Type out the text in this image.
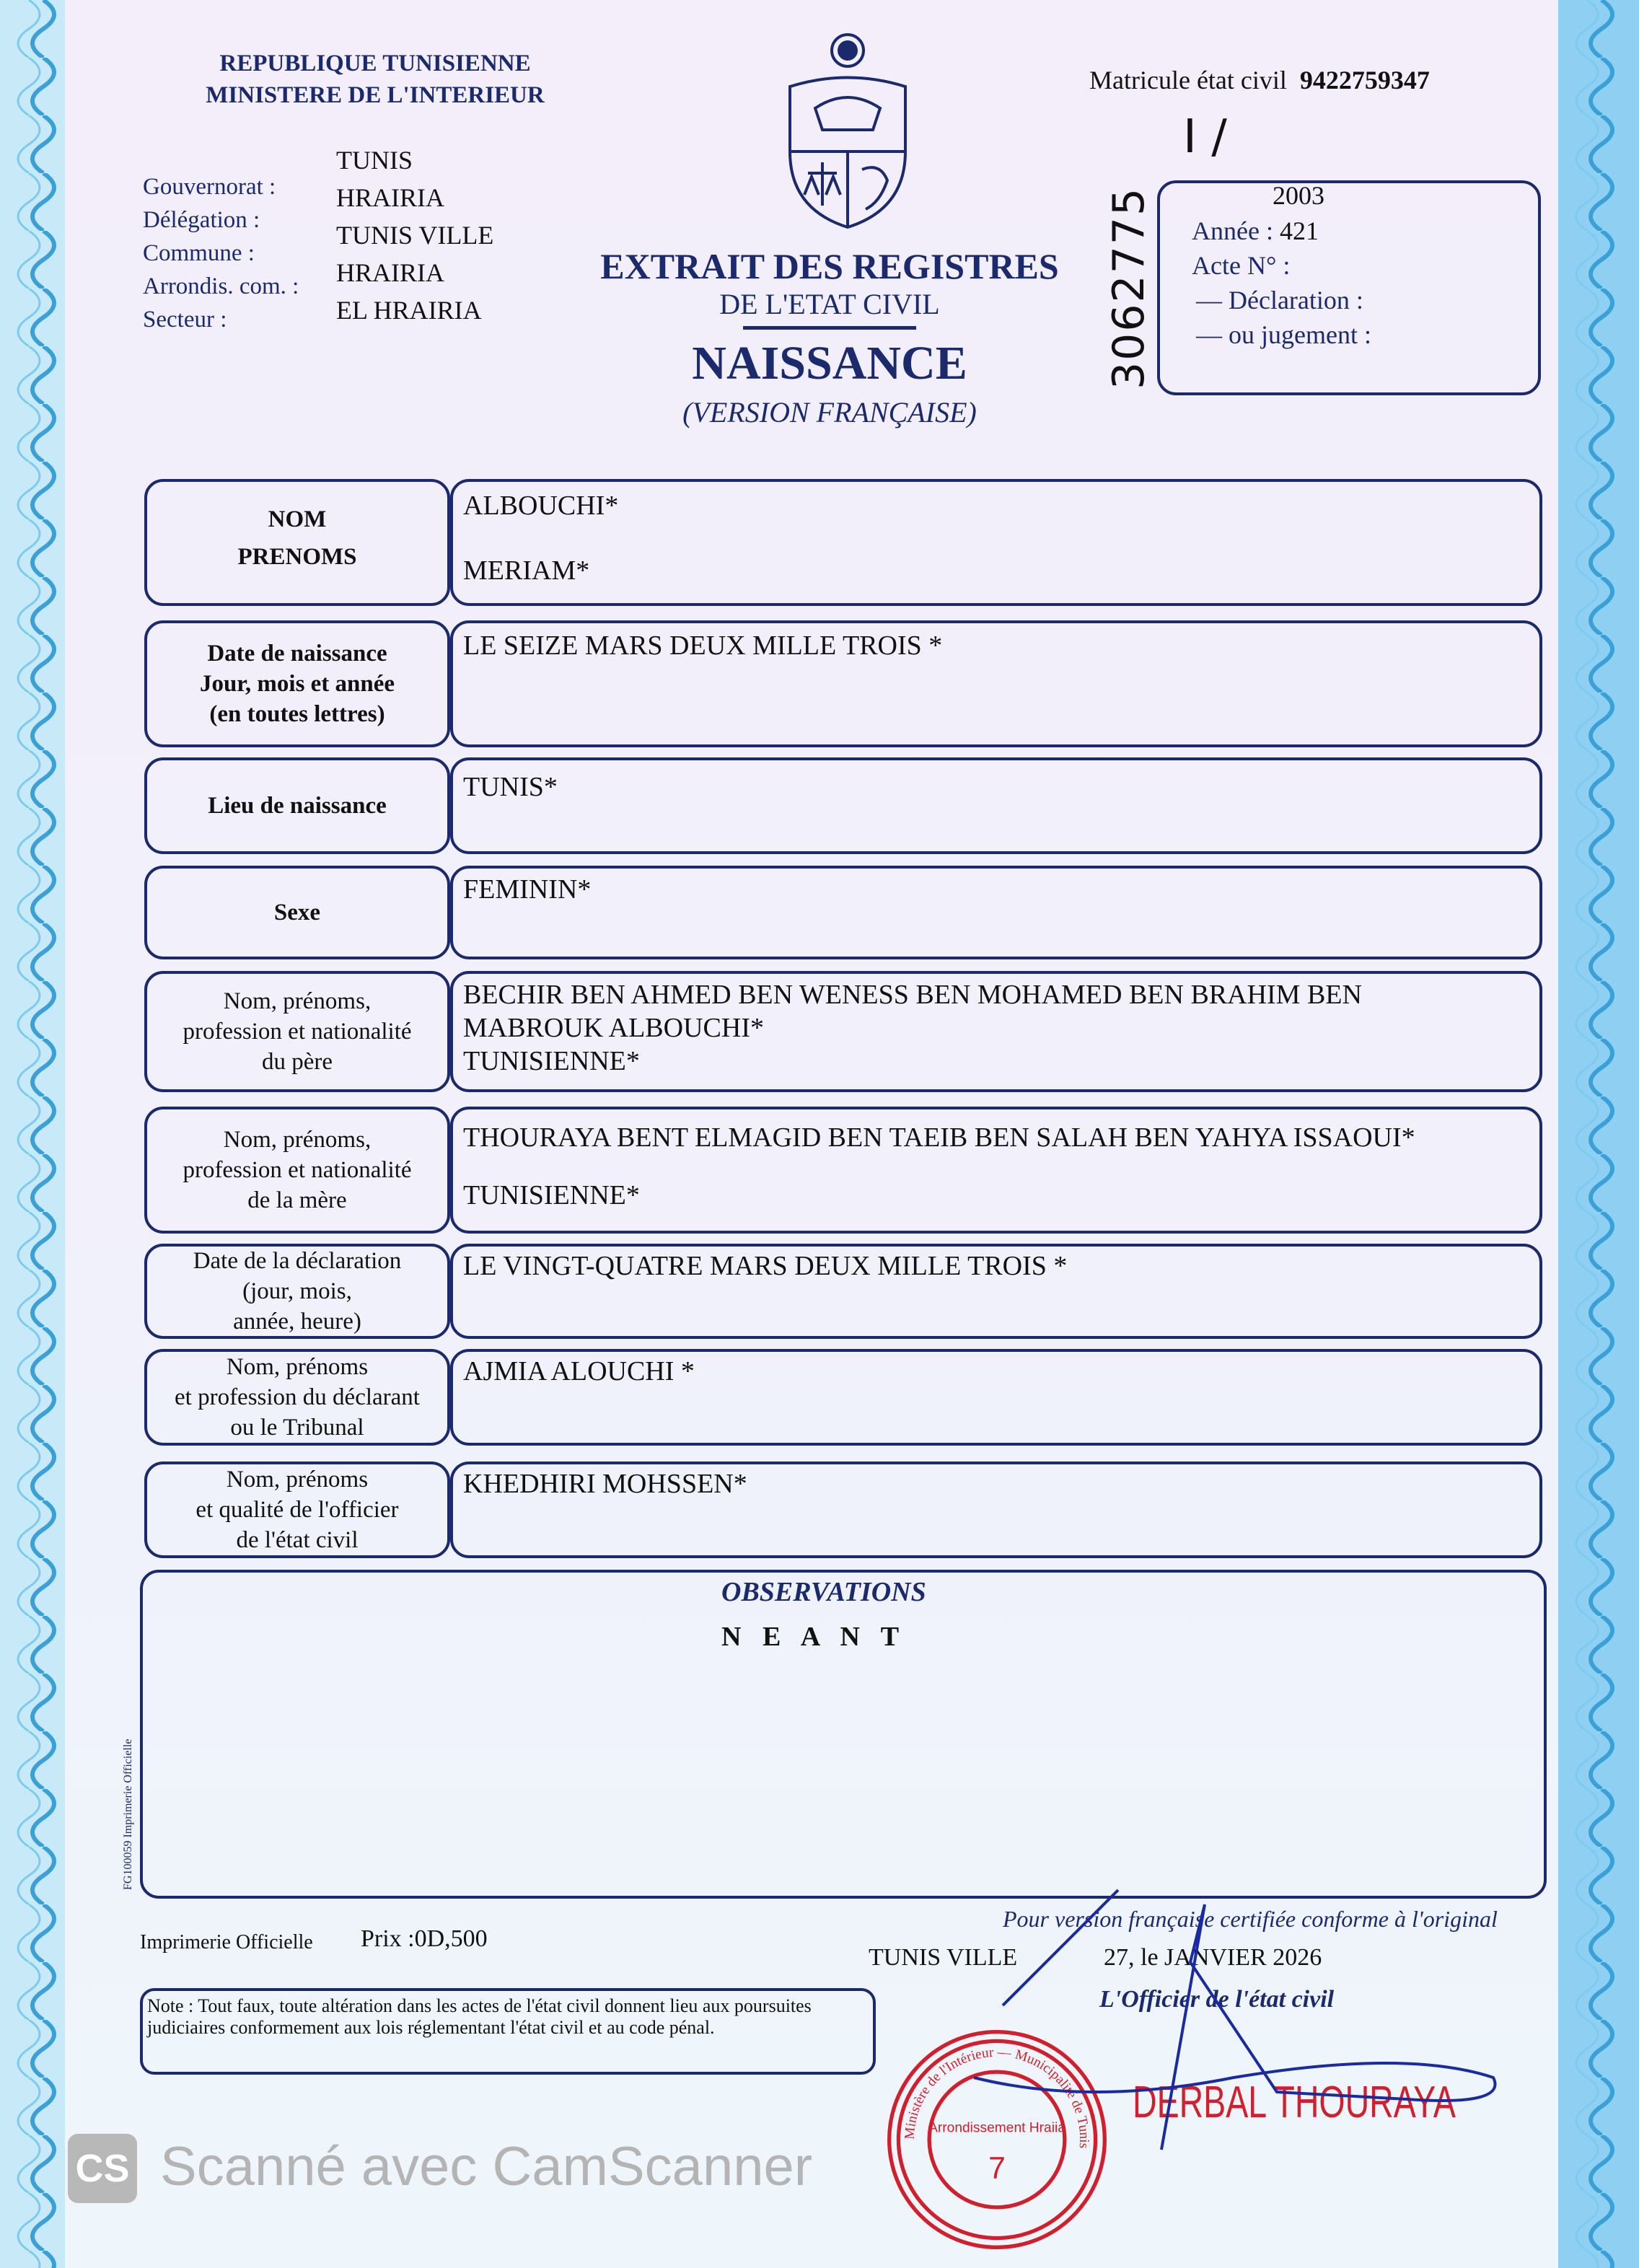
REPUBLIQUE TUNISIENNE
MINISTERE DE L'INTERIEUR
Matricule état civil 9422759347
Gouvernorat :
Délégation :
Commune :
Arrondis. com. :
Secteur :
TUNIS
HRAIRIA
TUNIS VILLE
HRAIRIA
EL HRAIRIA
EXTRAIT DES REGISTRES
DE L'ETAT CIVIL
NAISSANCE
(VERSION FRANÇAISE)
3062775
I /
2003
Année : 421
Acte N° :
— Déclaration :
— ou jugement :
NOM
PRENOMS
ALBOUCHI*
MERIAM*
Date de naissance
Jour, mois et année
(en toutes lettres)
LE SEIZE MARS DEUX MILLE TROIS *
Lieu de naissance
TUNIS*
Sexe
FEMININ*
Nom, prénoms,
profession et nationalité
du père
BECHIR BEN AHMED BEN WENESS BEN MOHAMED BEN BRAHIM BEN
MABROUK ALBOUCHI*
TUNISIENNE*
Nom, prénoms,
profession et nationalité
de la mère
THOURAYA BENT ELMAGID BEN TAEIB BEN SALAH BEN YAHYA ISSAOUI*
TUNISIENNE*
Date de la déclaration
(jour, mois,
année, heure)
LE VINGT-QUATRE MARS DEUX MILLE TROIS *
Nom, prénoms
et profession du déclarant
ou le Tribunal
AJMIA ALOUCHI *
Nom, prénoms
et qualité de l'officier
de l'état civil
KHEDHIRI MOHSSEN*
OBSERVATIONS
N E A N T
FG100059 Imprimerie Officielle
Imprimerie Officielle Prix :0D,500
Pour version française certifiée conforme à l'original
TUNIS VILLE	27, le JANVIER 2026
L'Officier de l'état civil
Note : Tout faux, toute altération dans les actes de l'état civil donnent lieu aux poursuites judiciaires conformement aux lois réglementant l'état civil et au code pénal.
Ministère de l'Intérieur — Municipalité de Tunis
Arrondissement Hraiia
7
DERBAL THOURAYA
CS Scanné avec CamScanner
